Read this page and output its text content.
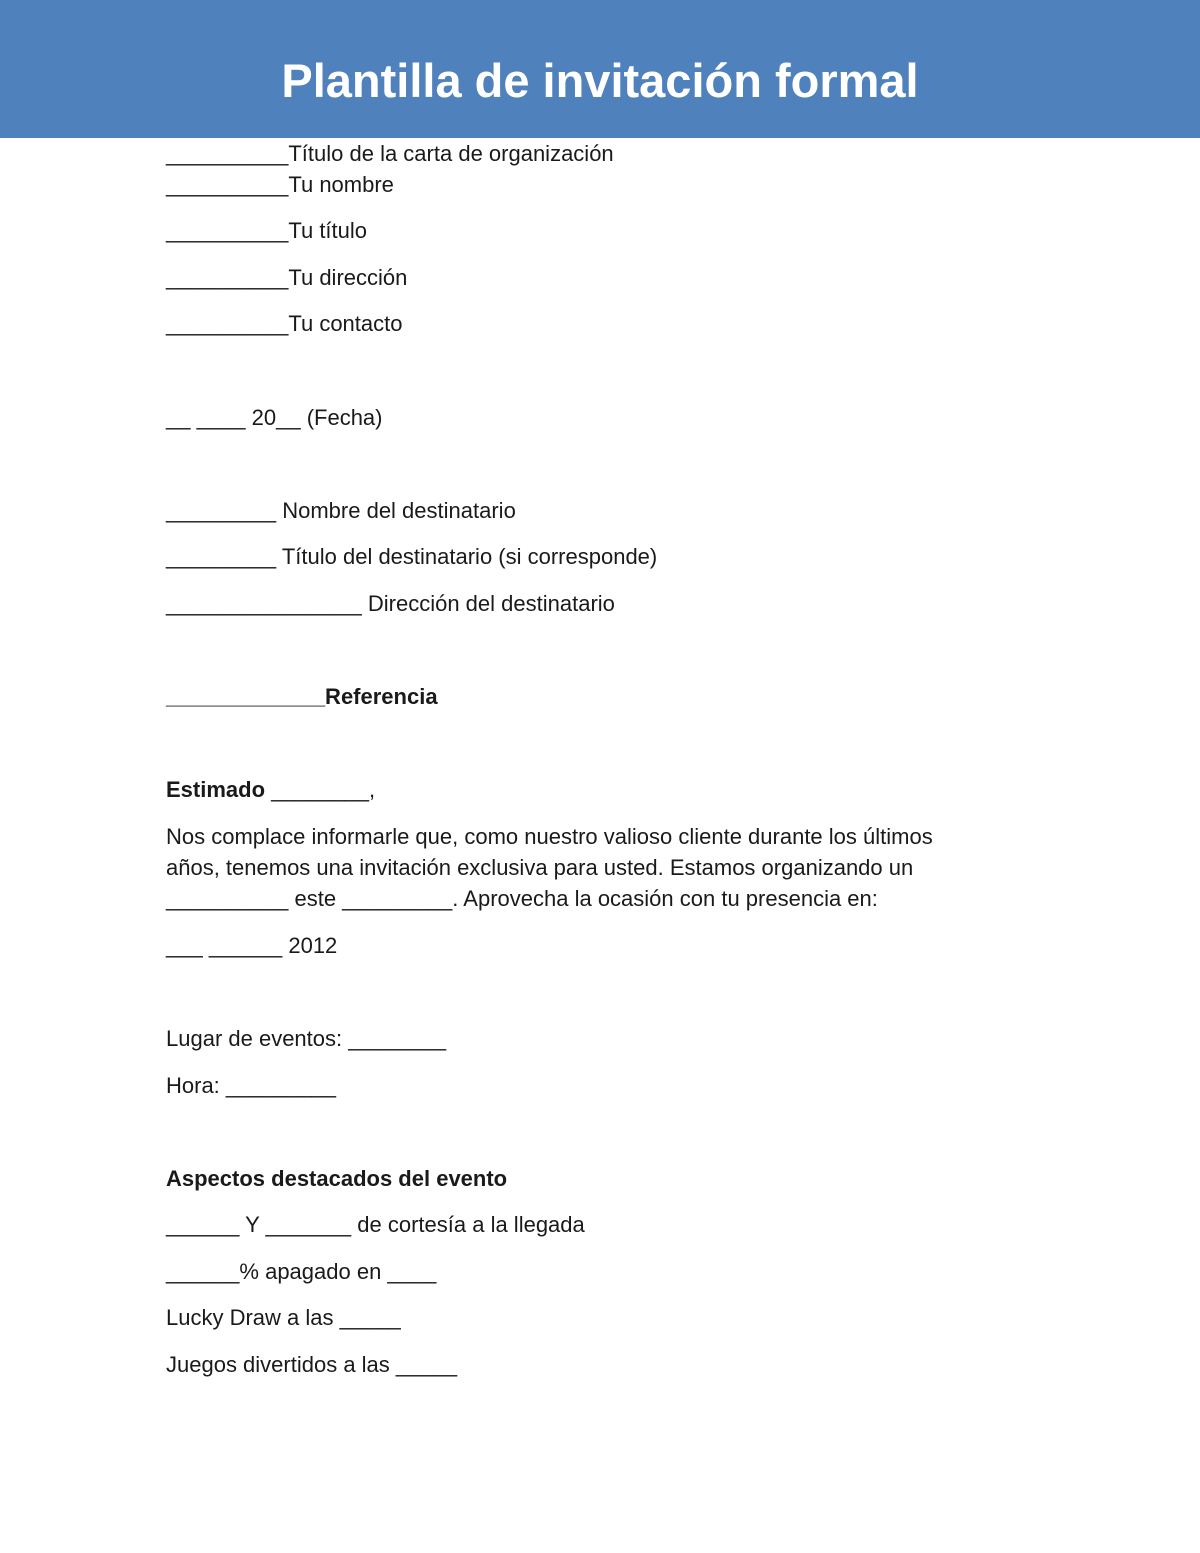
Plantilla de invitación formal
__________Título de la carta de organización
__________Tu nombre
__________Tu título
__________Tu dirección
__________Tu contacto
__ ____ 20__ (Fecha)
_________ Nombre del destinatario
_________ Título del destinatario (si corresponde)
________________ Dirección del destinatario
_____________Referencia
Estimado ________,
Nos complace informarle que, como nuestro valioso cliente durante los últimos
años, tenemos una invitación exclusiva para usted. Estamos organizando un
__________ este _________. Aprovecha la ocasión con tu presencia en:
___ ______ 2012
Lugar de eventos: ________
Hora: _________
Aspectos destacados del evento
______ Y _______ de cortesía a la llegada
______% apagado en ____
Lucky Draw a las _____
Juegos divertidos a las _____
